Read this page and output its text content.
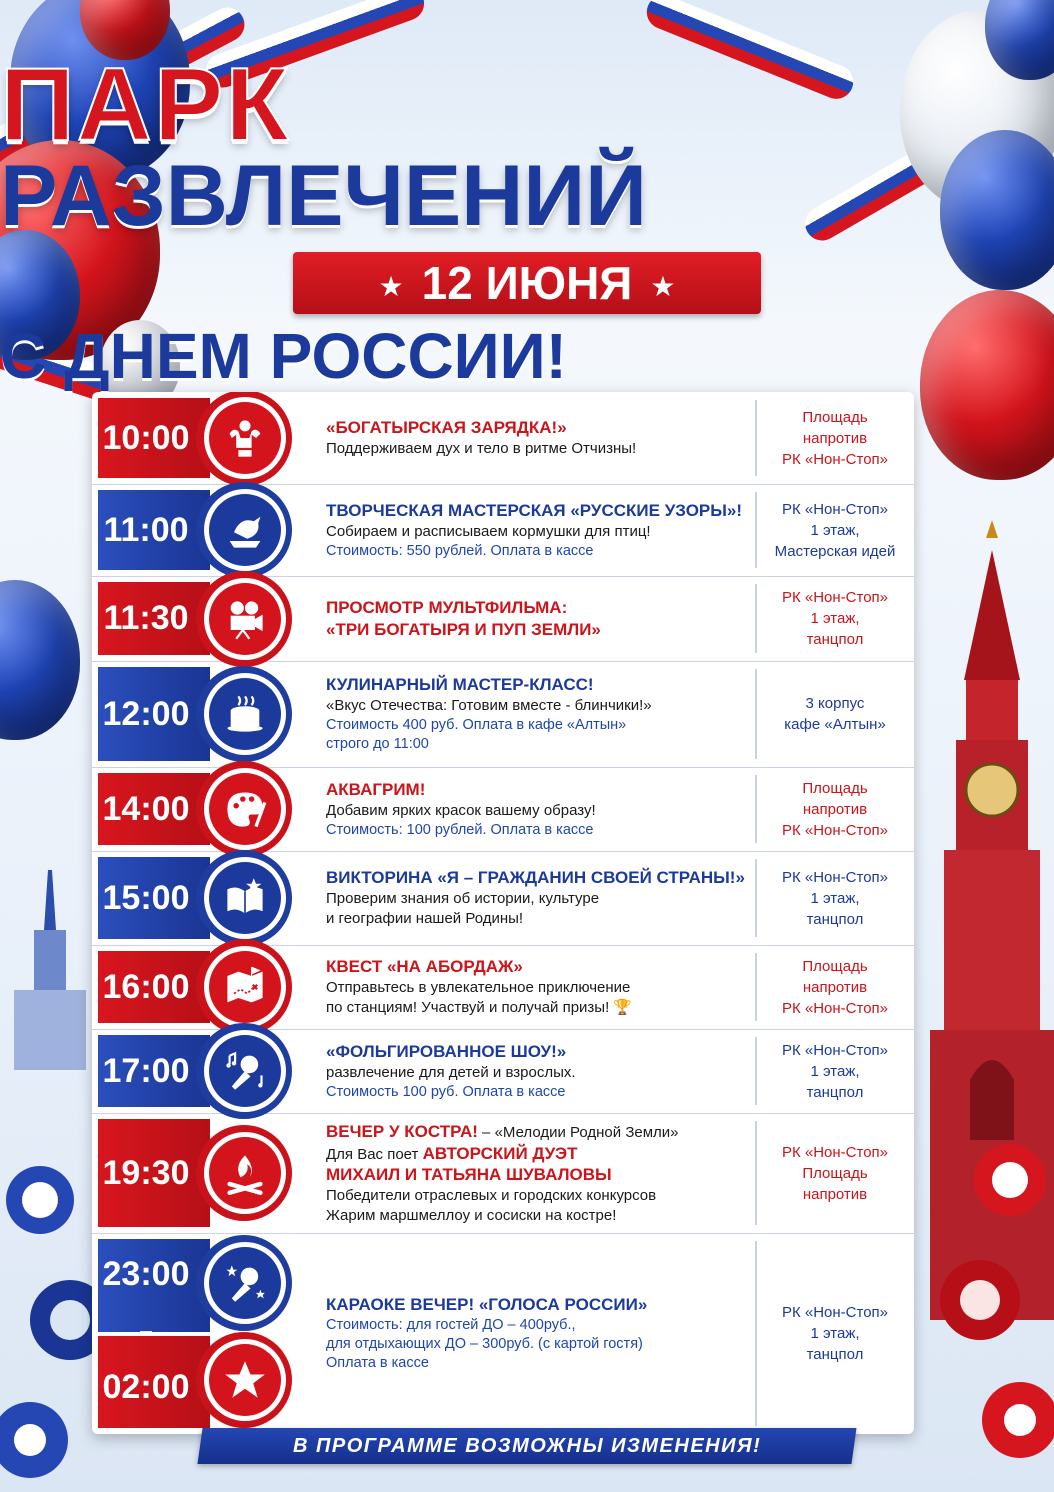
ПАРК
РАЗВЛЕЧЕНИЙ
★ 12 ИЮНЯ ★
С ДНЕМ РОССИИ!
10:00	«БОГАТЫРСКАЯ ЗАРЯДКА!»
Поддерживаем дух и тело в ритме Отчизны!
Площадь
напротив
РК «Нон-Стоп»
11:00
ТВОРЧЕСКАЯ МАСТЕРСКАЯ «РУССКИЕ УЗОРЫ»!
Собираем и расписываем кормушки для птиц!
Стоимость: 550 рублей. Оплата в кассе
РК «Нон-Стоп»
1 этаж,
Мастерская идей
11:30	ПРОСМОТР МУЛЬТФИЛЬМА:
«ТРИ БОГАТЫРЯ И ПУП ЗЕМЛИ»
РК «Нон-Стоп»
1 этаж,
танцпол
12:00
КУЛИНАРНЫЙ МАСТЕР-КЛАСС!
«Вкус Отечества: Готовим вместе - блинчики!»
Стоимость 400 руб. Оплата в кафе «Алтын»
строго до 11:00
3 корпус
кафе «Алтын»
14:00
АКВАГРИМ!
Добавим ярких красок вашему образу!
Стоимость: 100 рублей. Оплата в кассе
Площадь
напротив
РК «Нон-Стоп»
15:00
ВИКТОРИНА «Я – ГРАЖДАНИН СВОЕЙ СТРАНЫ!»
Проверим знания об истории, культуре
и географии нашей Родины!
РК «Нон-Стоп»
1 этаж,
танцпол
16:00
КВЕСТ «НА АБОРДАЖ»
Отправьтесь в увлекательное приключение
по станциям! Участвуй и получай призы! 🏆
Площадь
напротив
РК «Нон-Стоп»
17:00
«ФОЛЬГИРОВАННОЕ ШОУ!»
развлечение для детей и взрослых.
Стоимость 100 руб. Оплата в кассе
РК «Нон-Стоп»
1 этаж,
танцпол
19:30
ВЕЧЕР У КОСТРА! – «Мелодии Родной Земли»
Для Вас поет АВТОРСКИЙ ДУЭТ
МИХАИЛ И ТАТЬЯНА ШУВАЛОВЫ
Победители отраслевых и городских конкурсов
Жарим маршмеллоу и сосиски на костре!
РК «Нон-Стоп»
Площадь
напротив
23:00
–
02:00
КАРАОКЕ ВЕЧЕР! «ГОЛОСА РОССИИ»
Стоимость: для гостей ДО – 400руб.,
для отдыхающих ДО – 300руб. (с картой гостя)
Оплата в кассе
РК «Нон-Стоп»
1 этаж,
танцпол
В ПРОГРАММЕ ВОЗМОЖНЫ ИЗМЕНЕНИЯ!
